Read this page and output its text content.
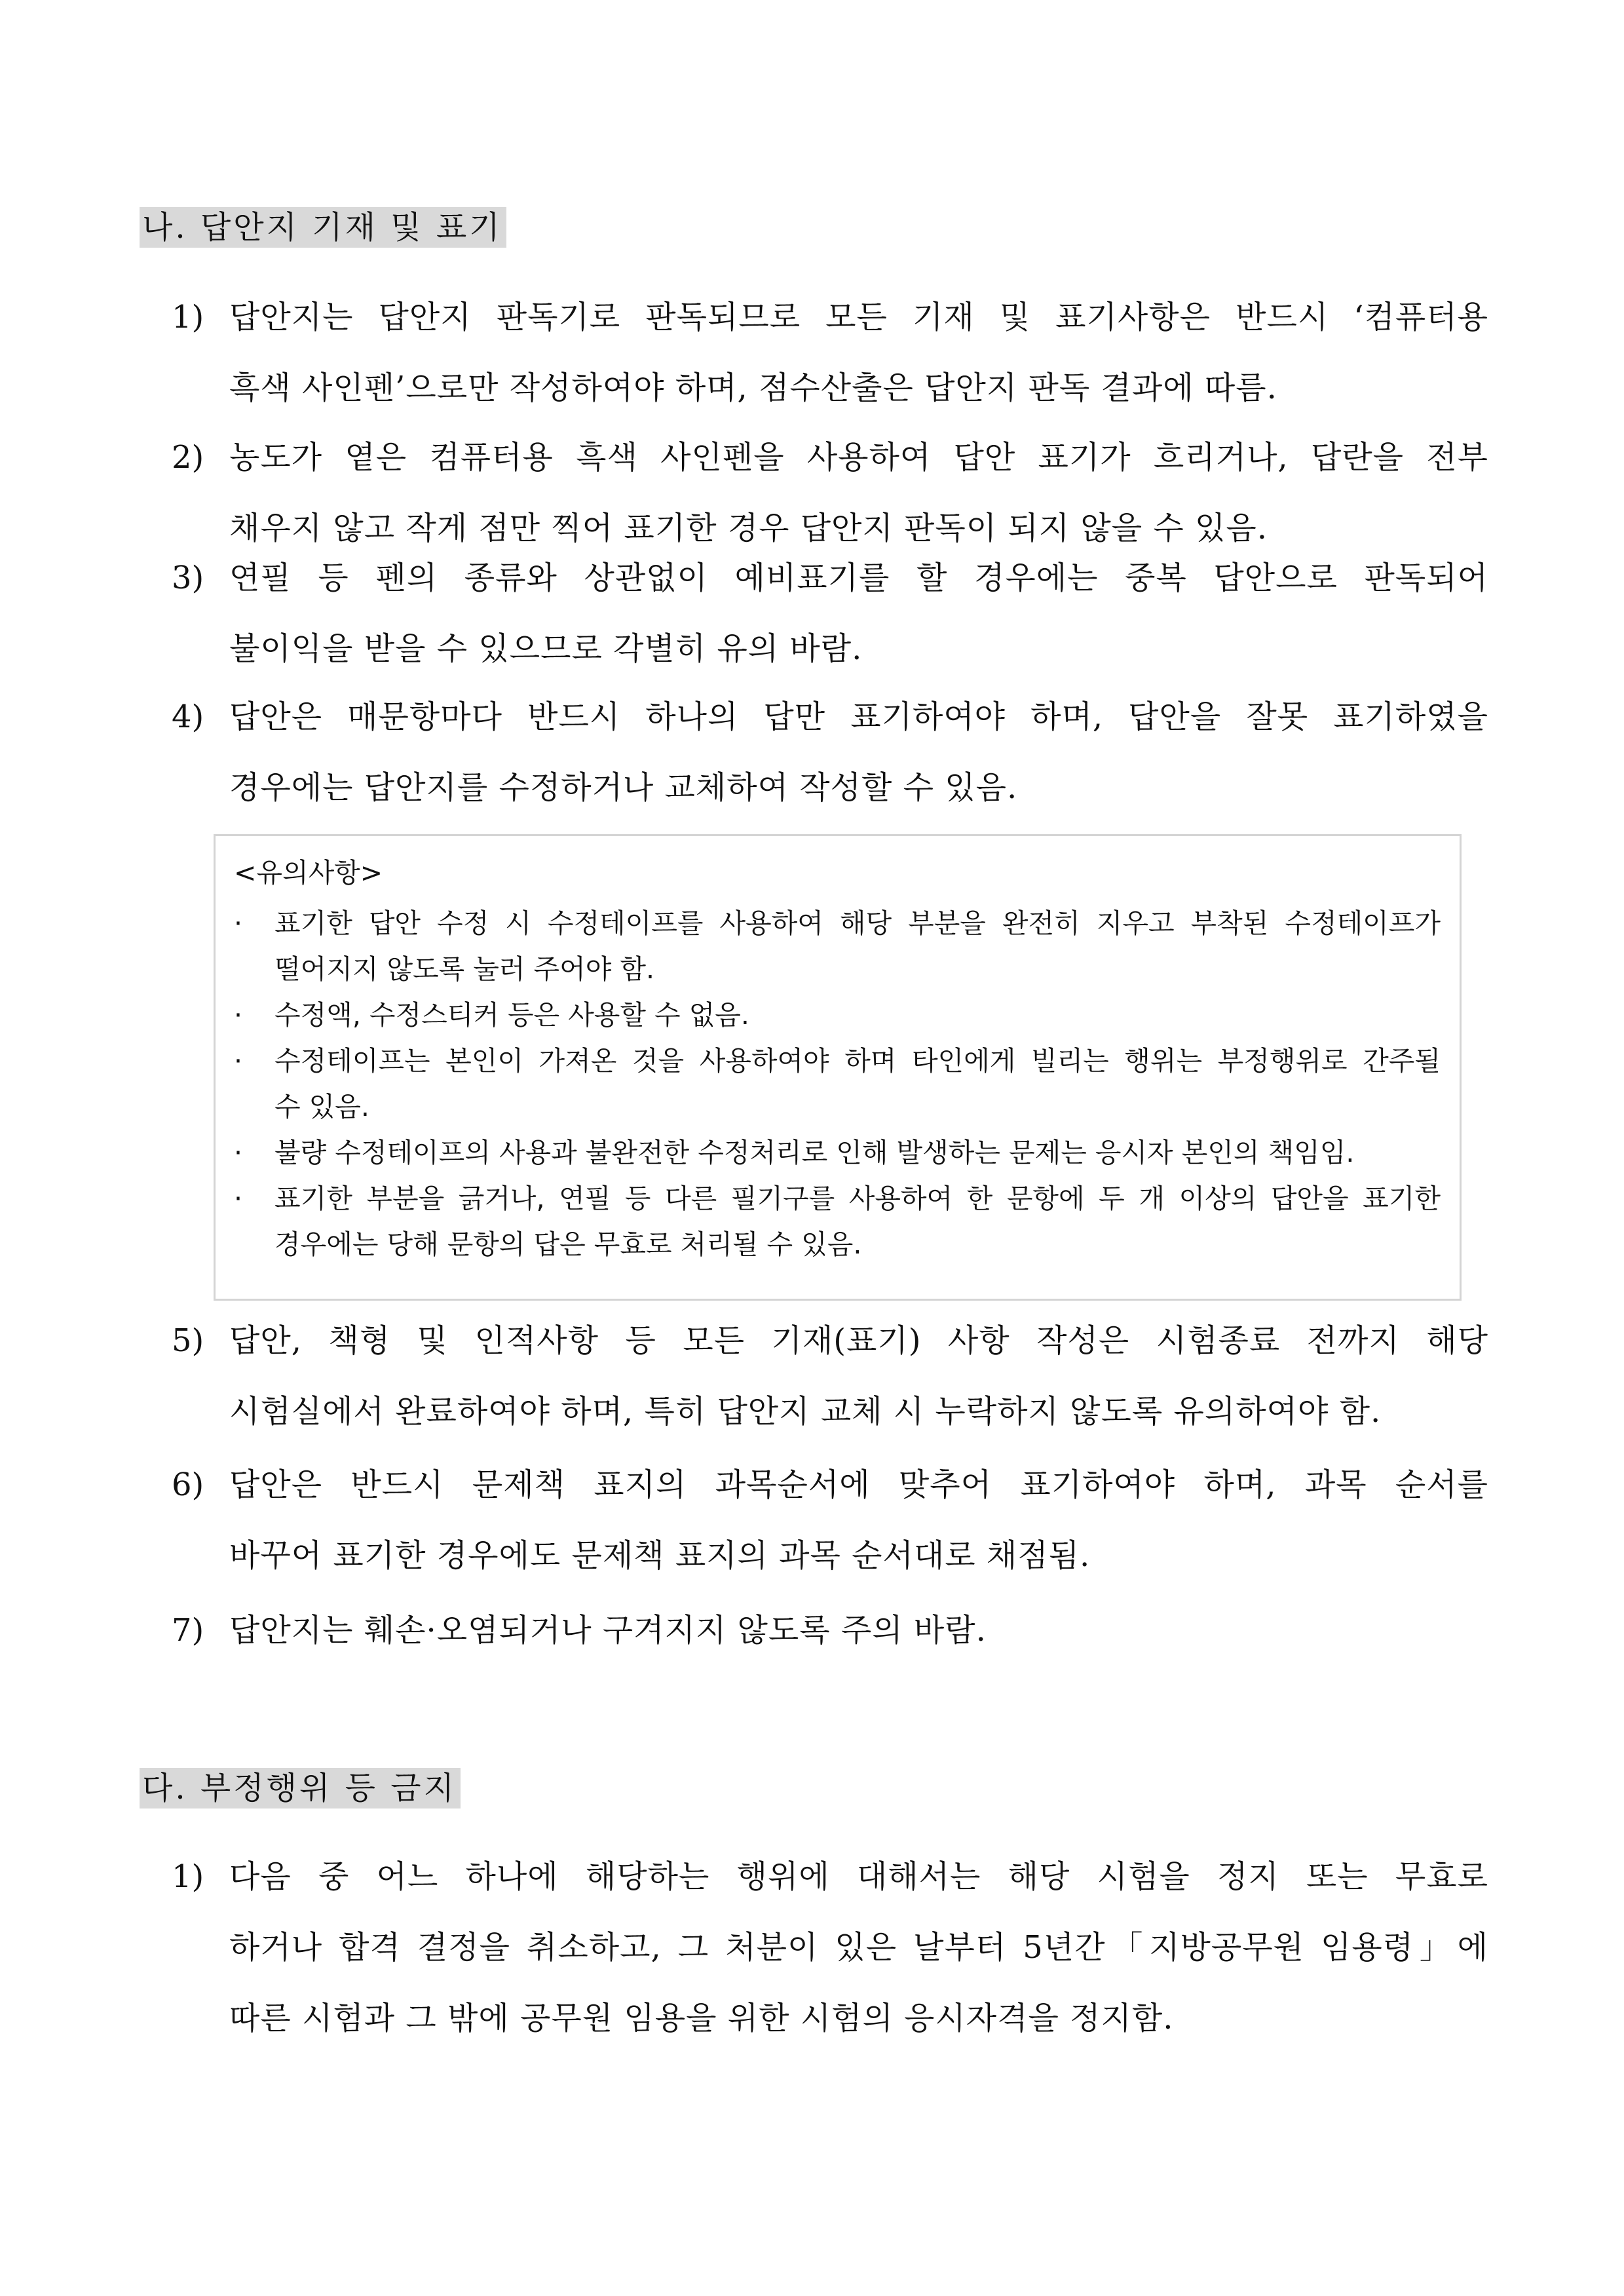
나. 답안지 기재 및 표기
1) 답안지는 답안지 판독기로 판독되므로 모든 기재 및 표기사항은 반드시 ‘컴퓨터용
흑색 사인펜’으로만 작성하여야 하며, 점수산출은 답안지 판독 결과에 따름.
2) 농도가 옅은 컴퓨터용 흑색 사인펜을 사용하여 답안 표기가 흐리거나, 답란을 전부
채우지 않고 작게 점만 찍어 표기한 경우 답안지 판독이 되지 않을 수 있음.
3) 연필 등 펜의 종류와 상관없이 예비표기를 할 경우에는 중복 답안으로 판독되어
불이익을 받을 수 있으므로 각별히 유의 바람.
4) 답안은 매문항마다 반드시 하나의 답만 표기하여야 하며, 답안을 잘못 표기하였을
경우에는 답안지를 수정하거나 교체하여 작성할 수 있음.
<유의사항>
· 표기한 답안 수정 시 수정테이프를 사용하여 해당 부분을 완전히 지우고 부착된 수정테이프가
떨어지지 않도록 눌러 주어야 함.
· 수정액, 수정스티커 등은 사용할 수 없음.
· 수정테이프는 본인이 가져온 것을 사용하여야 하며 타인에게 빌리는 행위는 부정행위로 간주될
수 있음.
· 불량 수정테이프의 사용과 불완전한 수정처리로 인해 발생하는 문제는 응시자 본인의 책임임.
· 표기한 부분을 긁거나, 연필 등 다른 필기구를 사용하여 한 문항에 두 개 이상의 답안을 표기한
경우에는 당해 문항의 답은 무효로 처리될 수 있음.
5) 답안, 책형 및 인적사항 등 모든 기재(표기) 사항 작성은 시험종료 전까지 해당
시험실에서 완료하여야 하며, 특히 답안지 교체 시 누락하지 않도록 유의하여야 함.
6) 답안은 반드시 문제책 표지의 과목순서에 맞추어 표기하여야 하며, 과목 순서를
바꾸어 표기한 경우에도 문제책 표지의 과목 순서대로 채점됨.
7) 답안지는 훼손·오염되거나 구겨지지 않도록 주의 바람.
다. 부정행위 등 금지
1) 다음 중 어느 하나에 해당하는 행위에 대해서는 해당 시험을 정지 또는 무효로
하거나 합격 결정을 취소하고, 그 처분이 있은 날부터 5년간「지방공무원 임용령」에
따른 시험과 그 밖에 공무원 임용을 위한 시험의 응시자격을 정지함.
